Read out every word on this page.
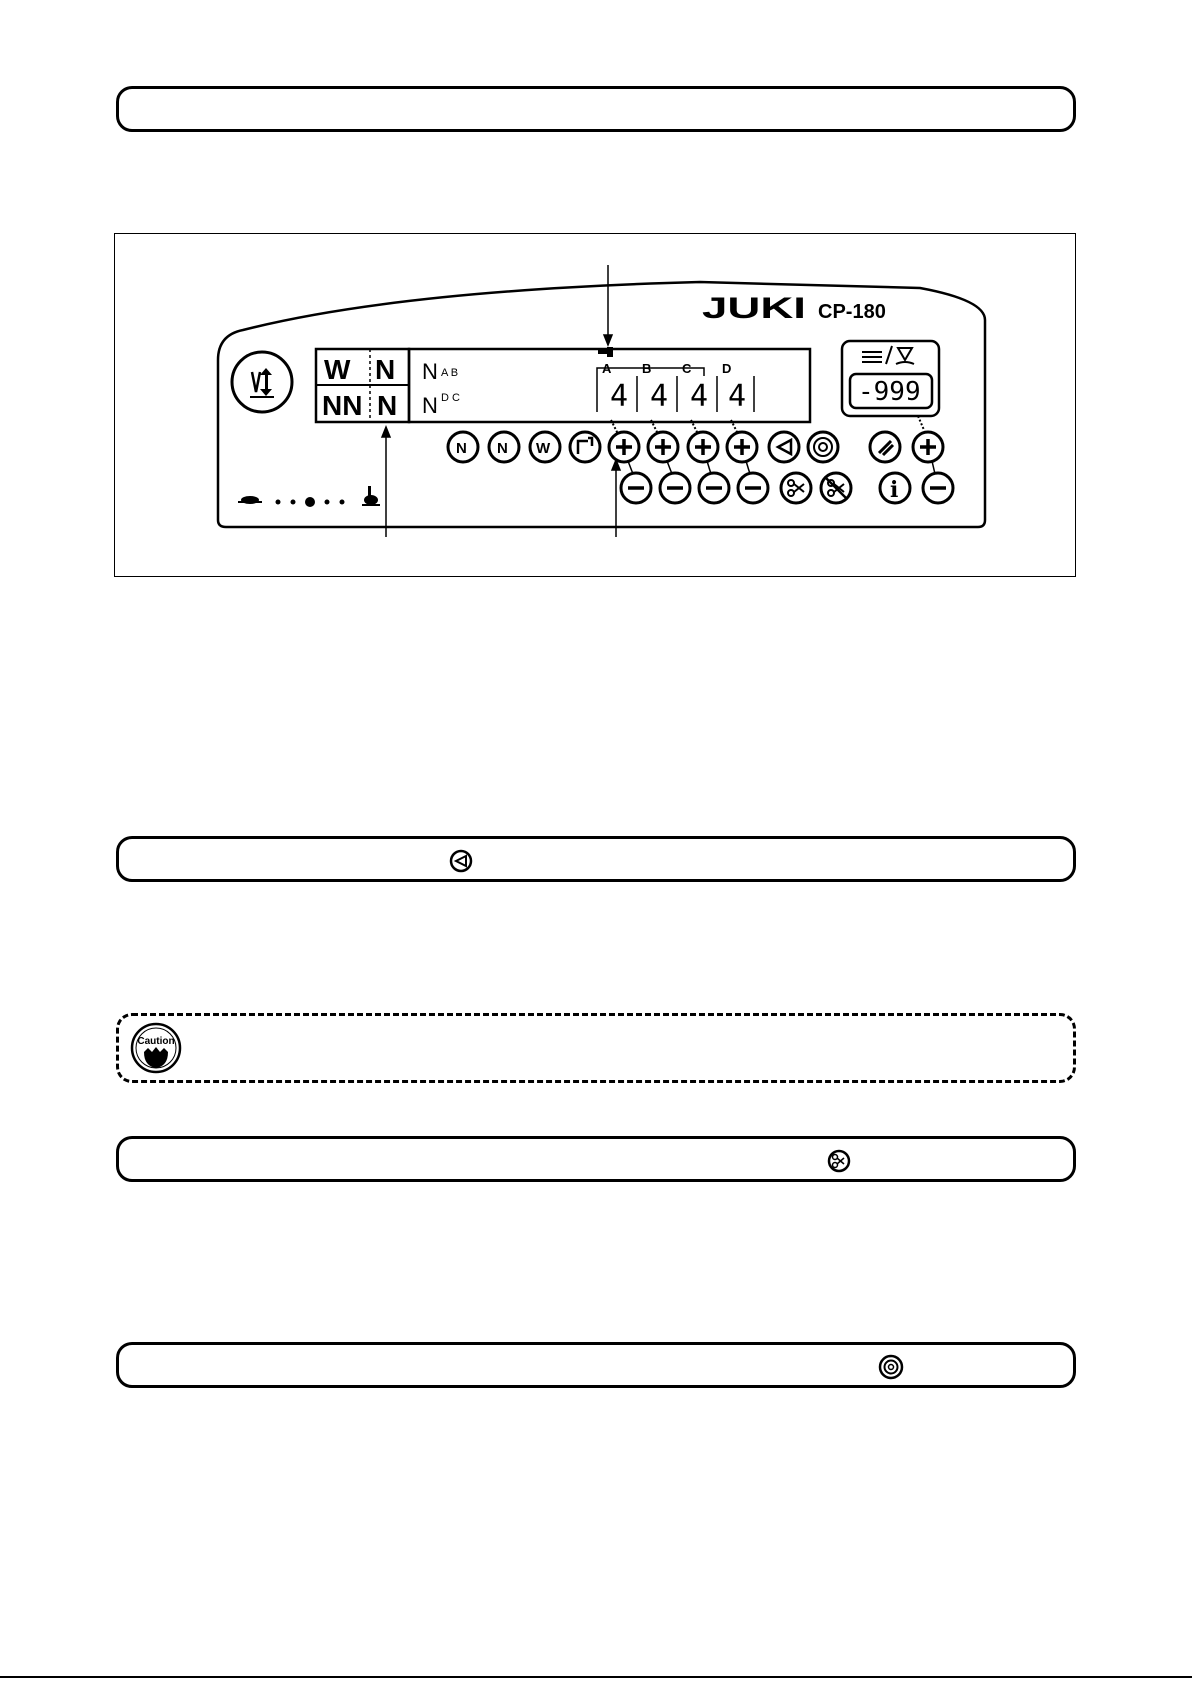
W N
NN N
N
N
A B
D C
A B C D
4 4 4 4
JUKI CP-180
-999
N N W
i
Caution
